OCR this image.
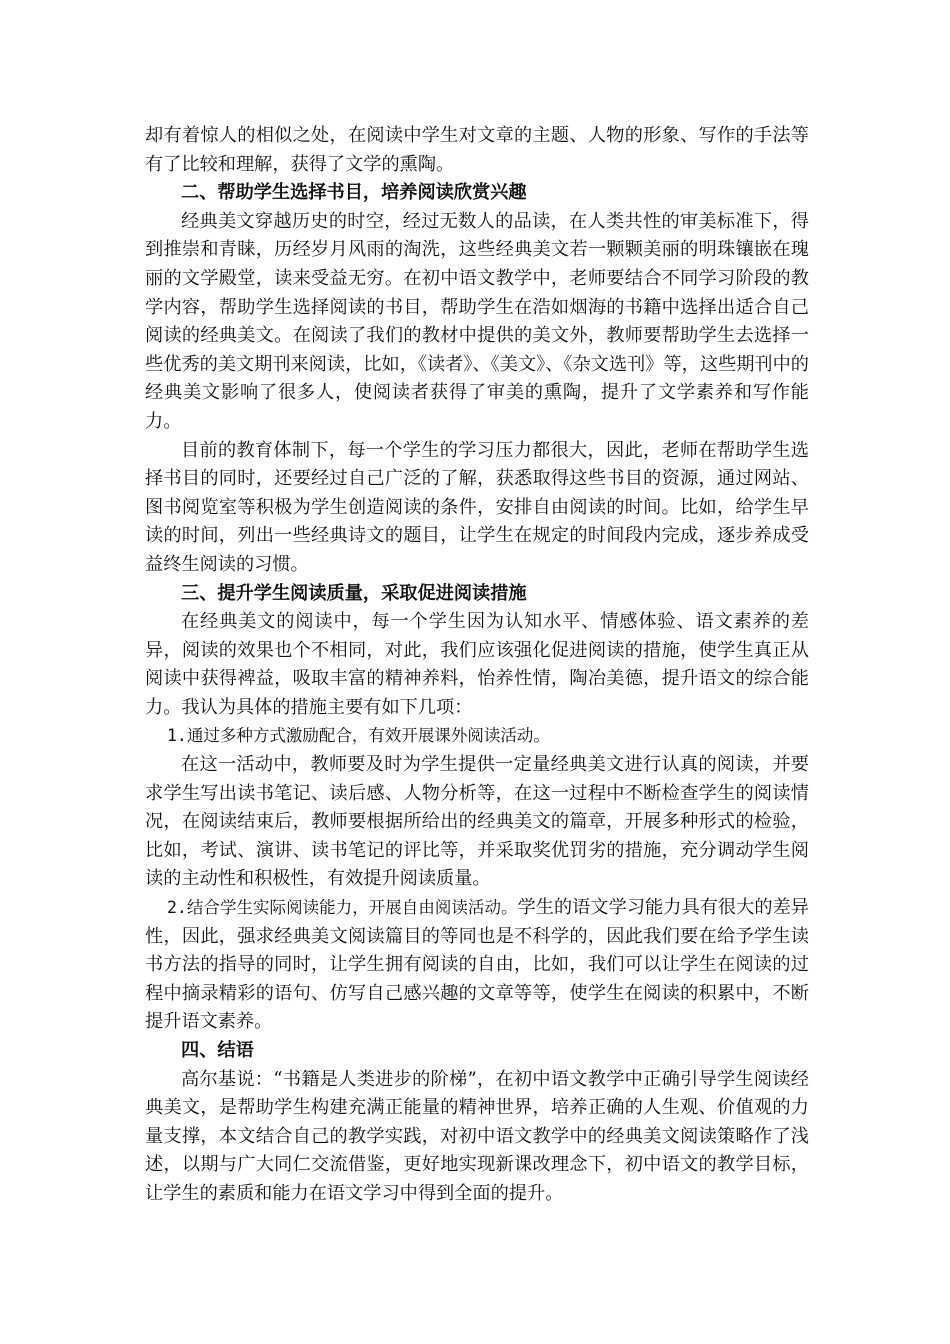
却有着惊人的相似之处，在阅读中学生对文章的主题、人物的形象、写作的手法等有了比较和理解，获得了文学的熏陶。

二、帮助学生选择书目，培养阅读欣赏兴趣

经典美文穿越历史的时空，经过无数人的品读，在人类共性的审美标准下，得到推崇和青睐，历经岁月风雨的淘洗，这些经典美文若一颗颗美丽的明珠镶嵌在瑰丽的文学殿堂，读来受益无穷。在初中语文教学中，老师要结合不同学习阶段的教学内容，帮助学生选择阅读的书目，帮助学生在浩如烟海的书籍中选择出适合自己阅读的经典美文。在阅读了我们的教材中提供的美文外，教师要帮助学生去选择一些优秀的美文期刊来阅读，比如，《读者》、《美文》、《杂文选刊》等，这些期刊中的经典美文影响了很多人，使阅读者获得了审美的熏陶，提升了文学素养和写作能力。

目前的教育体制下，每一个学生的学习压力都很大，因此，老师在帮助学生选择书目的同时，还要经过自己广泛的了解，获悉取得这些书目的资源，通过网站、图书阅览室等积极为学生创造阅读的条件，安排自由阅读的时间。比如，给学生早读的时间，列出一些经典诗文的题目，让学生在规定的时间段内完成，逐步养成受益终生阅读的习惯。

三、提升学生阅读质量，采取促进阅读措施

在经典美文的阅读中，每一个学生因为认知水平、情感体验、语文素养的差异，阅读的效果也个不相同，对此，我们应该强化促进阅读的措施，使学生真正从阅读中获得裨益，吸取丰富的精神养料，怡养性情，陶冶美德，提升语文的综合能力。我认为具体的措施主要有如下几项：

1.通过多种方式激励配合，有效开展课外阅读活动。

在这一活动中，教师要及时为学生提供一定量经典美文进行认真的阅读，并要求学生写出读书笔记、读后感、人物分析等，在这一过程中不断检查学生的阅读情况，在阅读结束后，教师要根据所给出的经典美文的篇章，开展多种形式的检验，比如，考试、演讲、读书笔记的评比等，并采取奖优罚劣的措施，充分调动学生阅读的主动性和积极性，有效提升阅读质量。

2.结合学生实际阅读能力，开展自由阅读活动。学生的语文学习能力具有很大的差异性，因此，强求经典美文阅读篇目的等同也是不科学的，因此我们要在给予学生读书方法的指导的同时，让学生拥有阅读的自由，比如，我们可以让学生在阅读的过程中摘录精彩的语句、仿写自己感兴趣的文章等等，使学生在阅读的积累中，不断提升语文素养。

四、结语

高尔基说：“书籍是人类进步的阶梯”，在初中语文教学中正确引导学生阅读经典美文，是帮助学生构建充满正能量的精神世界，培养正确的人生观、价值观的力量支撑，本文结合自己的教学实践，对初中语文教学中的经典美文阅读策略作了浅述，以期与广大同仁交流借鉴，更好地实现新课改理念下，初中语文的教学目标，让学生的素质和能力在语文学习中得到全面的提升。
